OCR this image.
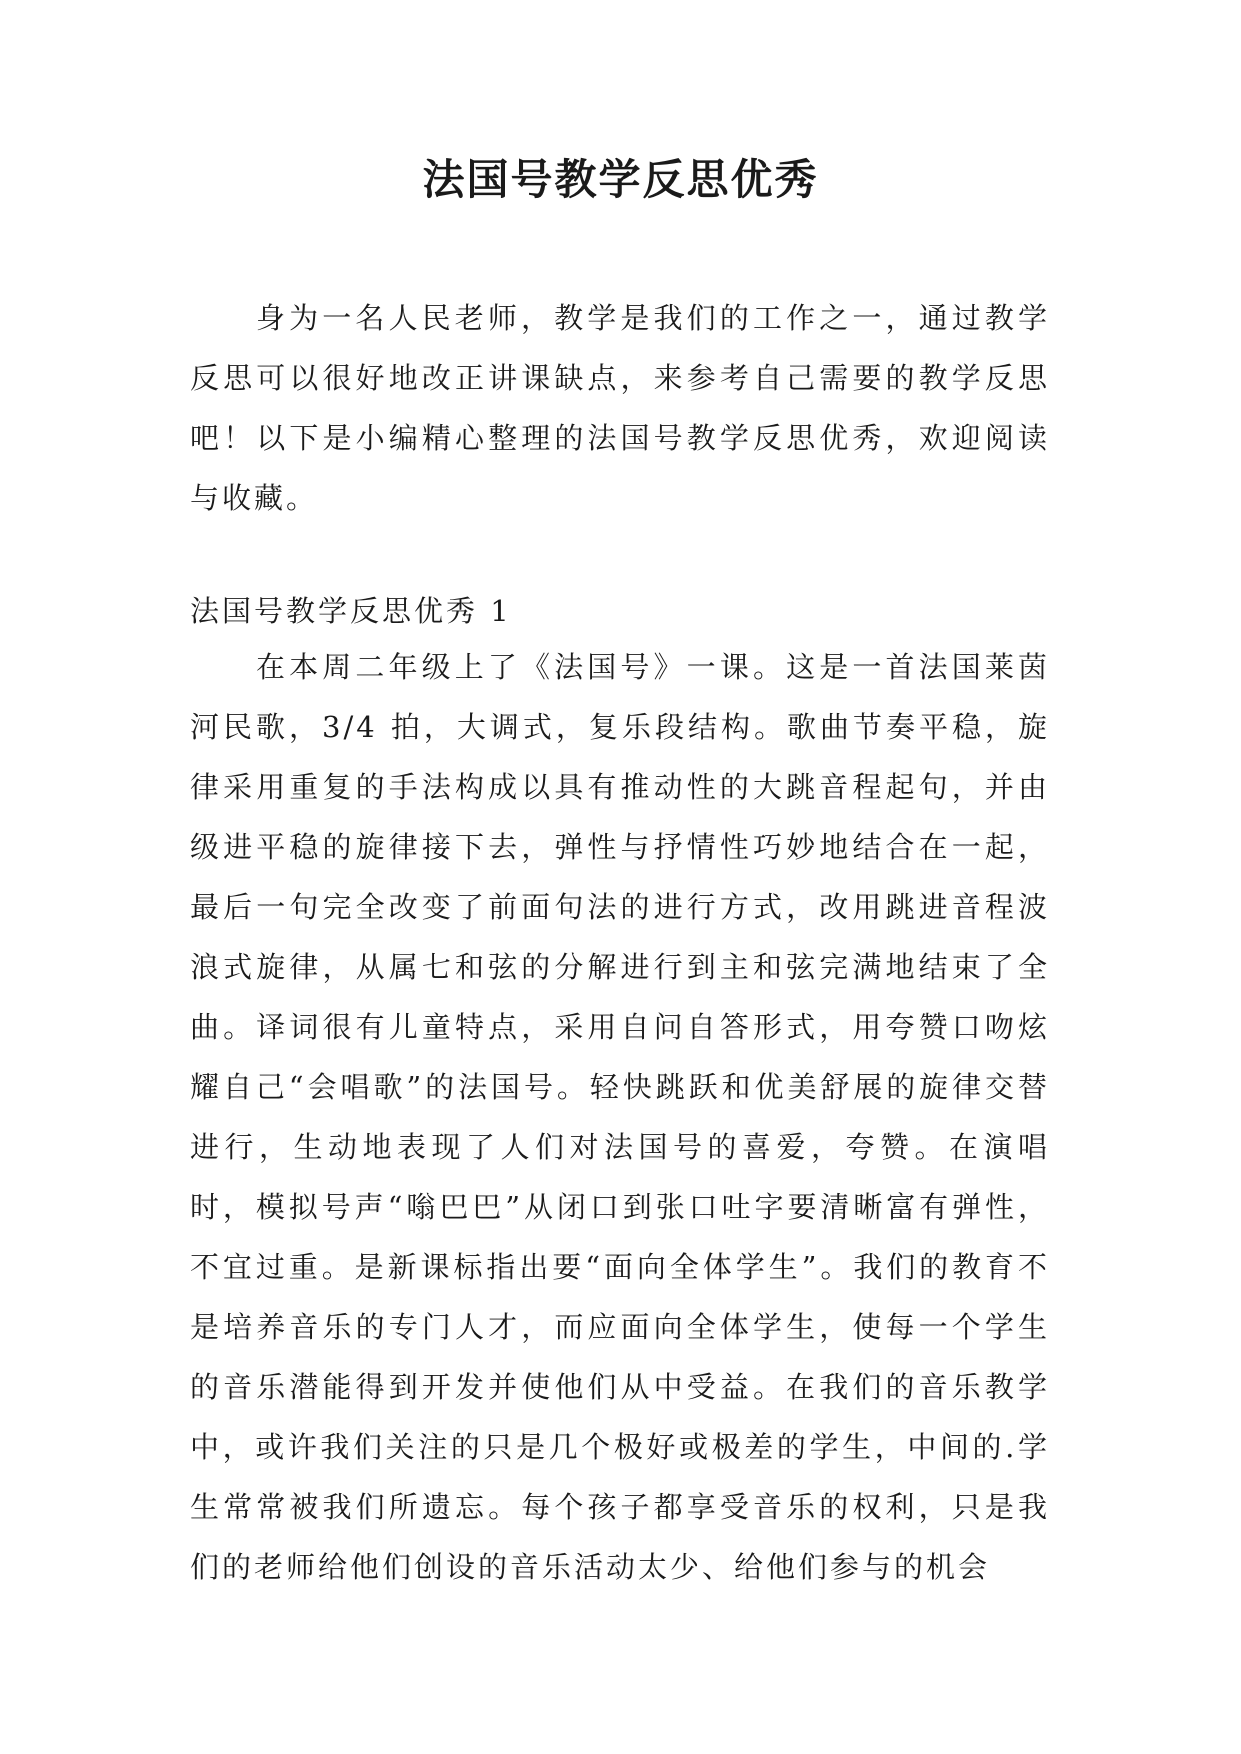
法国号教学反思优秀

身为一名人民老师，教学是我们的工作之一，通过教学反思可以很好地改正讲课缺点，来参考自己需要的教学反思吧！以下是小编精心整理的法国号教学反思优秀，欢迎阅读与收藏。

法国号教学反思优秀 1

在本周二年级上了《法国号》一课。这是一首法国莱茵河民歌，3/4 拍，大调式，复乐段结构。歌曲节奏平稳，旋律采用重复的手法构成以具有推动性的大跳音程起句，并由级进平稳的旋律接下去，弹性与抒情性巧妙地结合在一起，最后一句完全改变了前面句法的进行方式，改用跳进音程波浪式旋律，从属七和弦的分解进行到主和弦完满地结束了全曲。译词很有儿童特点，采用自问自答形式，用夸赞口吻炫耀自己“会唱歌”的法国号。轻快跳跃和优美舒展的旋律交替进行，生动地表现了人们对法国号的喜爱，夸赞。在演唱时，模拟号声“嗡巴巴”从闭口到张口吐字要清晰富有弹性，不宜过重。是新课标指出要“面向全体学生”。我们的教育不是培养音乐的专门人才，而应面向全体学生，使每一个学生的音乐潜能得到开发并使他们从中受益。在我们的音乐教学中，或许我们关注的只是几个极好或极差的学生，中间的.学生常常被我们所遗忘。每个孩子都享受音乐的权利，只是我们的老师给他们创设的音乐活动太少、给他们参与的机会
